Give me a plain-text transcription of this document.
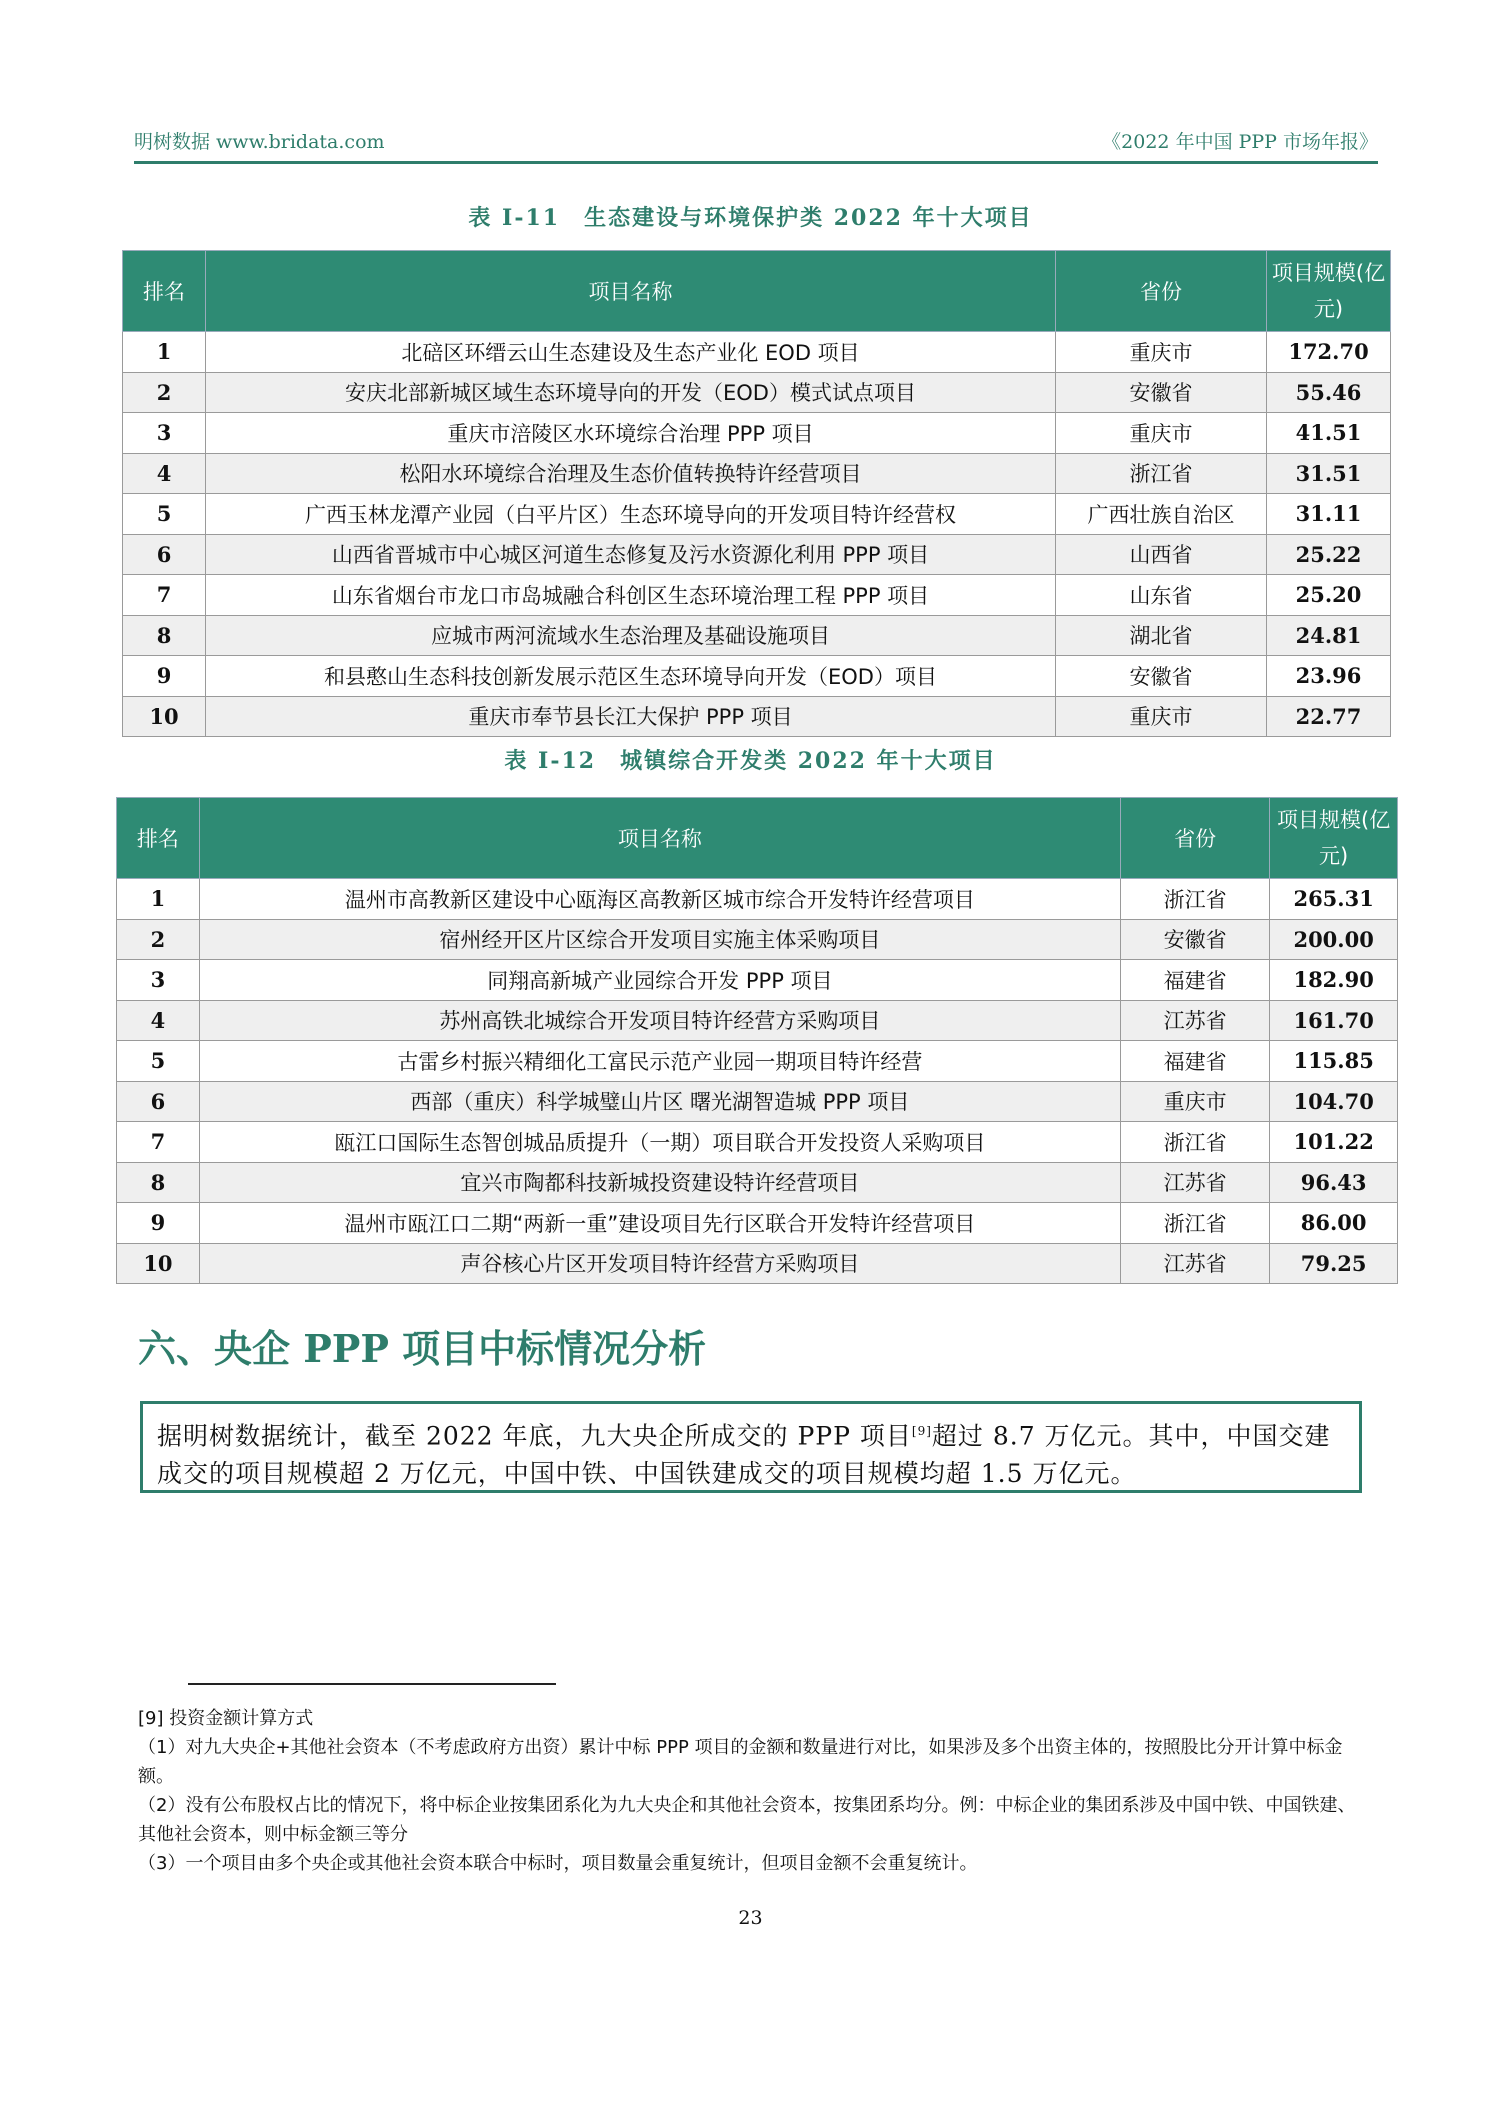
明树数据 www.bridata.com	《2022 年中国 PPP 市场年报》
表 I-11　生态建设与环境保护类 2022 年十大项目
排名	项目名称	省份	项目规模(亿元)
1	北碚区环缙云山生态建设及生态产业化 EOD 项目	重庆市	172.70
2	安庆北部新城区域生态环境导向的开发（EOD）模式试点项目	安徽省	55.46
3	重庆市涪陵区水环境综合治理 PPP 项目	重庆市	41.51
4	松阳水环境综合治理及生态价值转换特许经营项目	浙江省	31.51
5	广西玉林龙潭产业园（白平片区）生态环境导向的开发项目特许经营权	广西壮族自治区	31.11
6	山西省晋城市中心城区河道生态修复及污水资源化利用 PPP 项目	山西省	25.22
7	山东省烟台市龙口市岛城融合科创区生态环境治理工程 PPP 项目	山东省	25.20
8	应城市两河流域水生态治理及基础设施项目	湖北省	24.81
9	和县憨山生态科技创新发展示范区生态环境导向开发（EOD）项目	安徽省	23.96
10	重庆市奉节县长江大保护 PPP 项目	重庆市	22.77
表 I-12　城镇综合开发类 2022 年十大项目
排名	项目名称	省份	项目规模(亿元)
1	温州市高教新区建设中心瓯海区高教新区城市综合开发特许经营项目	浙江省	265.31
2	宿州经开区片区综合开发项目实施主体采购项目	安徽省	200.00
3	同翔高新城产业园综合开发 PPP 项目	福建省	182.90
4	苏州高铁北城综合开发项目特许经营方采购项目	江苏省	161.70
5	古雷乡村振兴精细化工富民示范产业园一期项目特许经营	福建省	115.85
6	西部（重庆）科学城璧山片区 曙光湖智造城 PPP 项目	重庆市	104.70
7	瓯江口国际生态智创城品质提升（一期）项目联合开发投资人采购项目	浙江省	101.22
8	宜兴市陶都科技新城投资建设特许经营项目	江苏省	96.43
9	温州市瓯江口二期“两新一重”建设项目先行区联合开发特许经营项目	浙江省	86.00
10	声谷核心片区开发项目特许经营方采购项目	江苏省	79.25
六、央企 PPP 项目中标情况分析
据明树数据统计，截至 2022 年底，九大央企所成交的 PPP 项目[9]超过 8.7 万亿元。其中，中国交建成交的项目规模超 2 万亿元，中国中铁、中国铁建成交的项目规模均超 1.5 万亿元。

[9] 投资金额计算方式

（1）对九大央企+其他社会资本（不考虑政府方出资）累计中标 PPP 项目的金额和数量进行对比，如果涉及多个出资主体的，按照股比分开计算中标金额。

（2）没有公布股权占比的情况下，将中标企业按集团系化为九大央企和其他社会资本，按集团系均分。例：中标企业的集团系涉及中国中铁、中国铁建、其他社会资本，则中标金额三等分

（3）一个项目由多个央企或其他社会资本联合中标时，项目数量会重复统计，但项目金额不会重复统计。

23
